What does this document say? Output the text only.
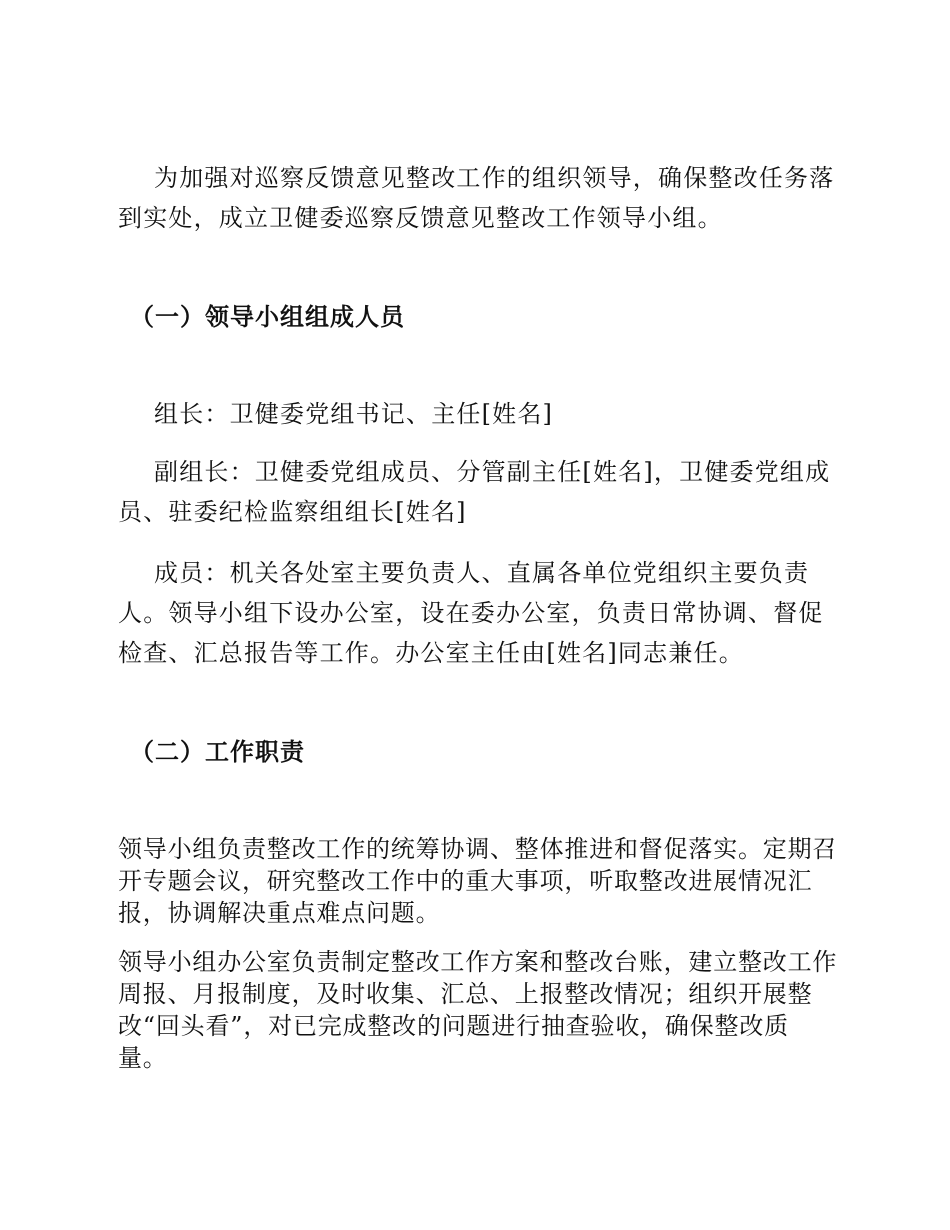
为加强对巡察反馈意见整改工作的组织领导，确保整改任务落到实处，成立卫健委巡察反馈意见整改工作领导小组。

（一）领导小组组成人员

组长：卫健委党组书记、主任[姓名]

副组长：卫健委党组成员、分管副主任[姓名]，卫健委党组成员、驻委纪检监察组组长[姓名]

成员：机关各处室主要负责人、直属各单位党组织主要负责人。领导小组下设办公室，设在委办公室，负责日常协调、督促检查、汇总报告等工作。办公室主任由[姓名]同志兼任。

（二）工作职责

领导小组负责整改工作的统筹协调、整体推进和督促落实。定期召开专题会议，研究整改工作中的重大事项，听取整改进展情况汇报，协调解决重点难点问题。

领导小组办公室负责制定整改工作方案和整改台账，建立整改工作周报、月报制度，及时收集、汇总、上报整改情况；组织开展整改“回头看”，对已完成整改的问题进行抽查验收，确保整改质量。
